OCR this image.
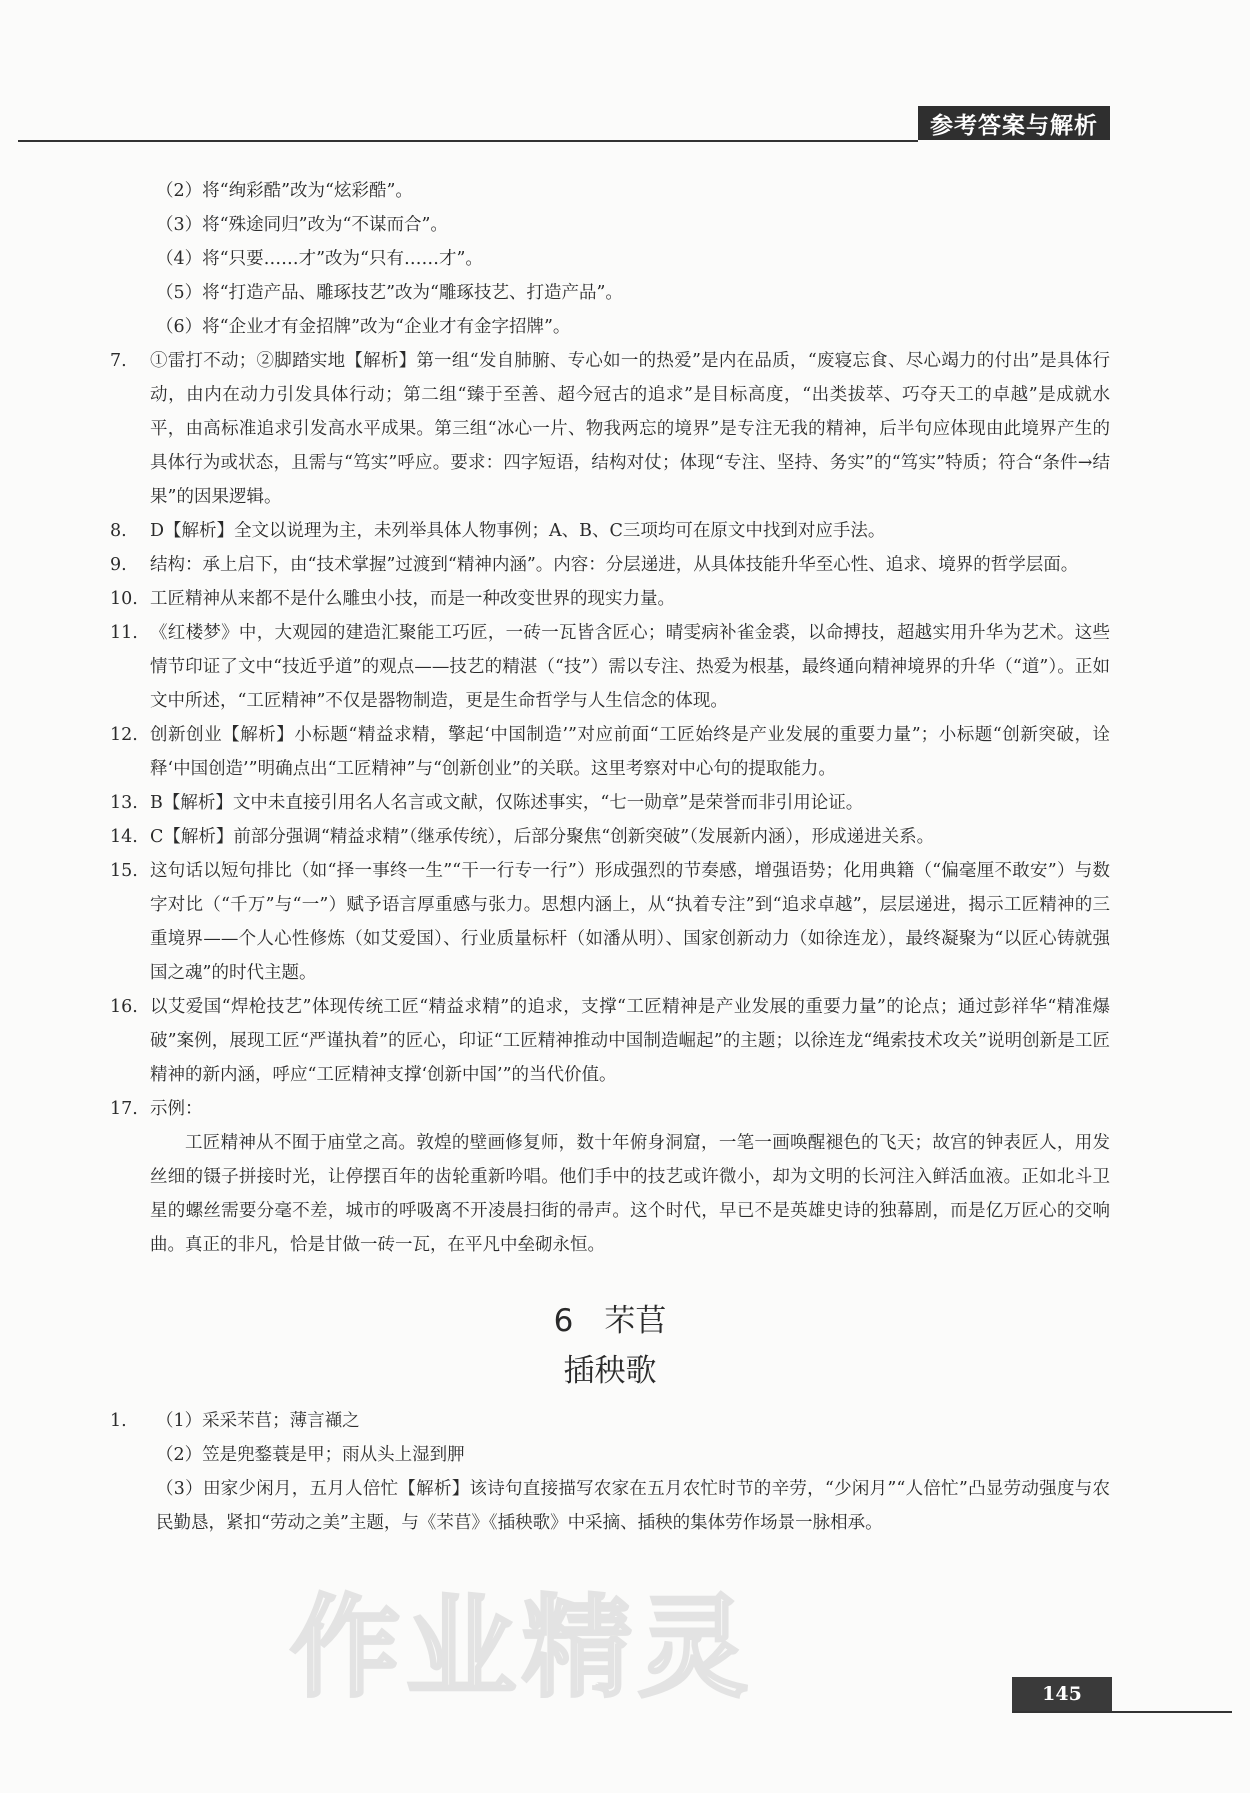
参考答案与解析
（2）将“绚彩酷”改为“炫彩酷”。
（3）将“殊途同归”改为“不谋而合”。
（4）将“只要……才”改为“只有……才”。
（5）将“打造产品、雕琢技艺”改为“雕琢技艺、打造产品”。
（6）将“企业才有金招牌”改为“企业才有金字招牌”。
7. ①雷打不动；②脚踏实地【解析】第一组“发自肺腑、专心如一的热爱”是内在品质，“废寝忘食、尽心竭力的付出”是具体行动，由内在动力引发具体行动；第二组“臻于至善、超今冠古的追求”是目标高度，“出类拔萃、巧夺天工的卓越”是成就水平，由高标准追求引发高水平成果。第三组“冰心一片、物我两忘的境界”是专注无我的精神，后半句应体现由此境界产生的具体行为或状态，且需与“笃实”呼应。要求：四字短语，结构对仗；体现“专注、坚持、务实”的“笃实”特质；符合“条件→结果”的因果逻辑。
8. D【解析】全文以说理为主，未列举具体人物事例；A、B、C三项均可在原文中找到对应手法。
9. 结构：承上启下，由“技术掌握”过渡到“精神内涵”。内容：分层递进，从具体技能升华至心性、追求、境界的哲学层面。
10. 工匠精神从来都不是什么雕虫小技，而是一种改变世界的现实力量。
11. 《红楼梦》中，大观园的建造汇聚能工巧匠，一砖一瓦皆含匠心；晴雯病补雀金裘，以命搏技，超越实用升华为艺术。这些情节印证了文中“技近乎道”的观点——技艺的精湛（“技”）需以专注、热爱为根基，最终通向精神境界的升华（“道”）。正如文中所述，“工匠精神”不仅是器物制造，更是生命哲学与人生信念的体现。
12. 创新创业【解析】小标题“精益求精，擎起‘中国制造’”对应前面“工匠始终是产业发展的重要力量”；小标题“创新突破，诠释‘中国创造’”明确点出“工匠精神”与“创新创业”的关联。这里考察对中心句的提取能力。
13. B【解析】文中未直接引用名人名言或文献，仅陈述事实，“七一勋章”是荣誉而非引用论证。
14. C【解析】前部分强调“精益求精”（继承传统），后部分聚焦“创新突破”（发展新内涵），形成递进关系。
15. 这句话以短句排比（如“择一事终一生”“干一行专一行”）形成强烈的节奏感，增强语势；化用典籍（“偏毫厘不敢安”）与数字对比（“千万”与“一”）赋予语言厚重感与张力。思想内涵上，从“执着专注”到“追求卓越”，层层递进，揭示工匠精神的三重境界——个人心性修炼（如艾爱国）、行业质量标杆（如潘从明）、国家创新动力（如徐连龙），最终凝聚为“以匠心铸就强国之魂”的时代主题。
16. 以艾爱国“焊枪技艺”体现传统工匠“精益求精”的追求，支撑“工匠精神是产业发展的重要力量”的论点；通过彭祥华“精准爆破”案例，展现工匠“严谨执着”的匠心，印证“工匠精神推动中国制造崛起”的主题；以徐连龙“绳索技术攻关”说明创新是工匠精神的新内涵，呼应“工匠精神支撑‘创新中国’”的当代价值。
17. 示例：
工匠精神从不囿于庙堂之高。敦煌的壁画修复师，数十年俯身洞窟，一笔一画唤醒褪色的飞天；故宫的钟表匠人，用发丝细的镊子拼接时光，让停摆百年的齿轮重新吟唱。他们手中的技艺或许微小，却为文明的长河注入鲜活血液。正如北斗卫星的螺丝需要分毫不差，城市的呼吸离不开凌晨扫街的帚声。这个时代，早已不是英雄史诗的独幕剧，而是亿万匠心的交响曲。真正的非凡，恰是甘做一砖一瓦，在平凡中垒砌永恒。
6　芣苢
插秧歌
1. （1）采采芣苢；薄言襭之
（2）笠是兜鍪蓑是甲；雨从头上湿到胛
（3）田家少闲月，五月人倍忙【解析】该诗句直接描写农家在五月农忙时节的辛劳，“少闲月”“人倍忙”凸显劳动强度与农民勤恳，紧扣“劳动之美”主题，与《芣苢》《插秧歌》中采摘、插秧的集体劳作场景一脉相承。
作业精灵	145
